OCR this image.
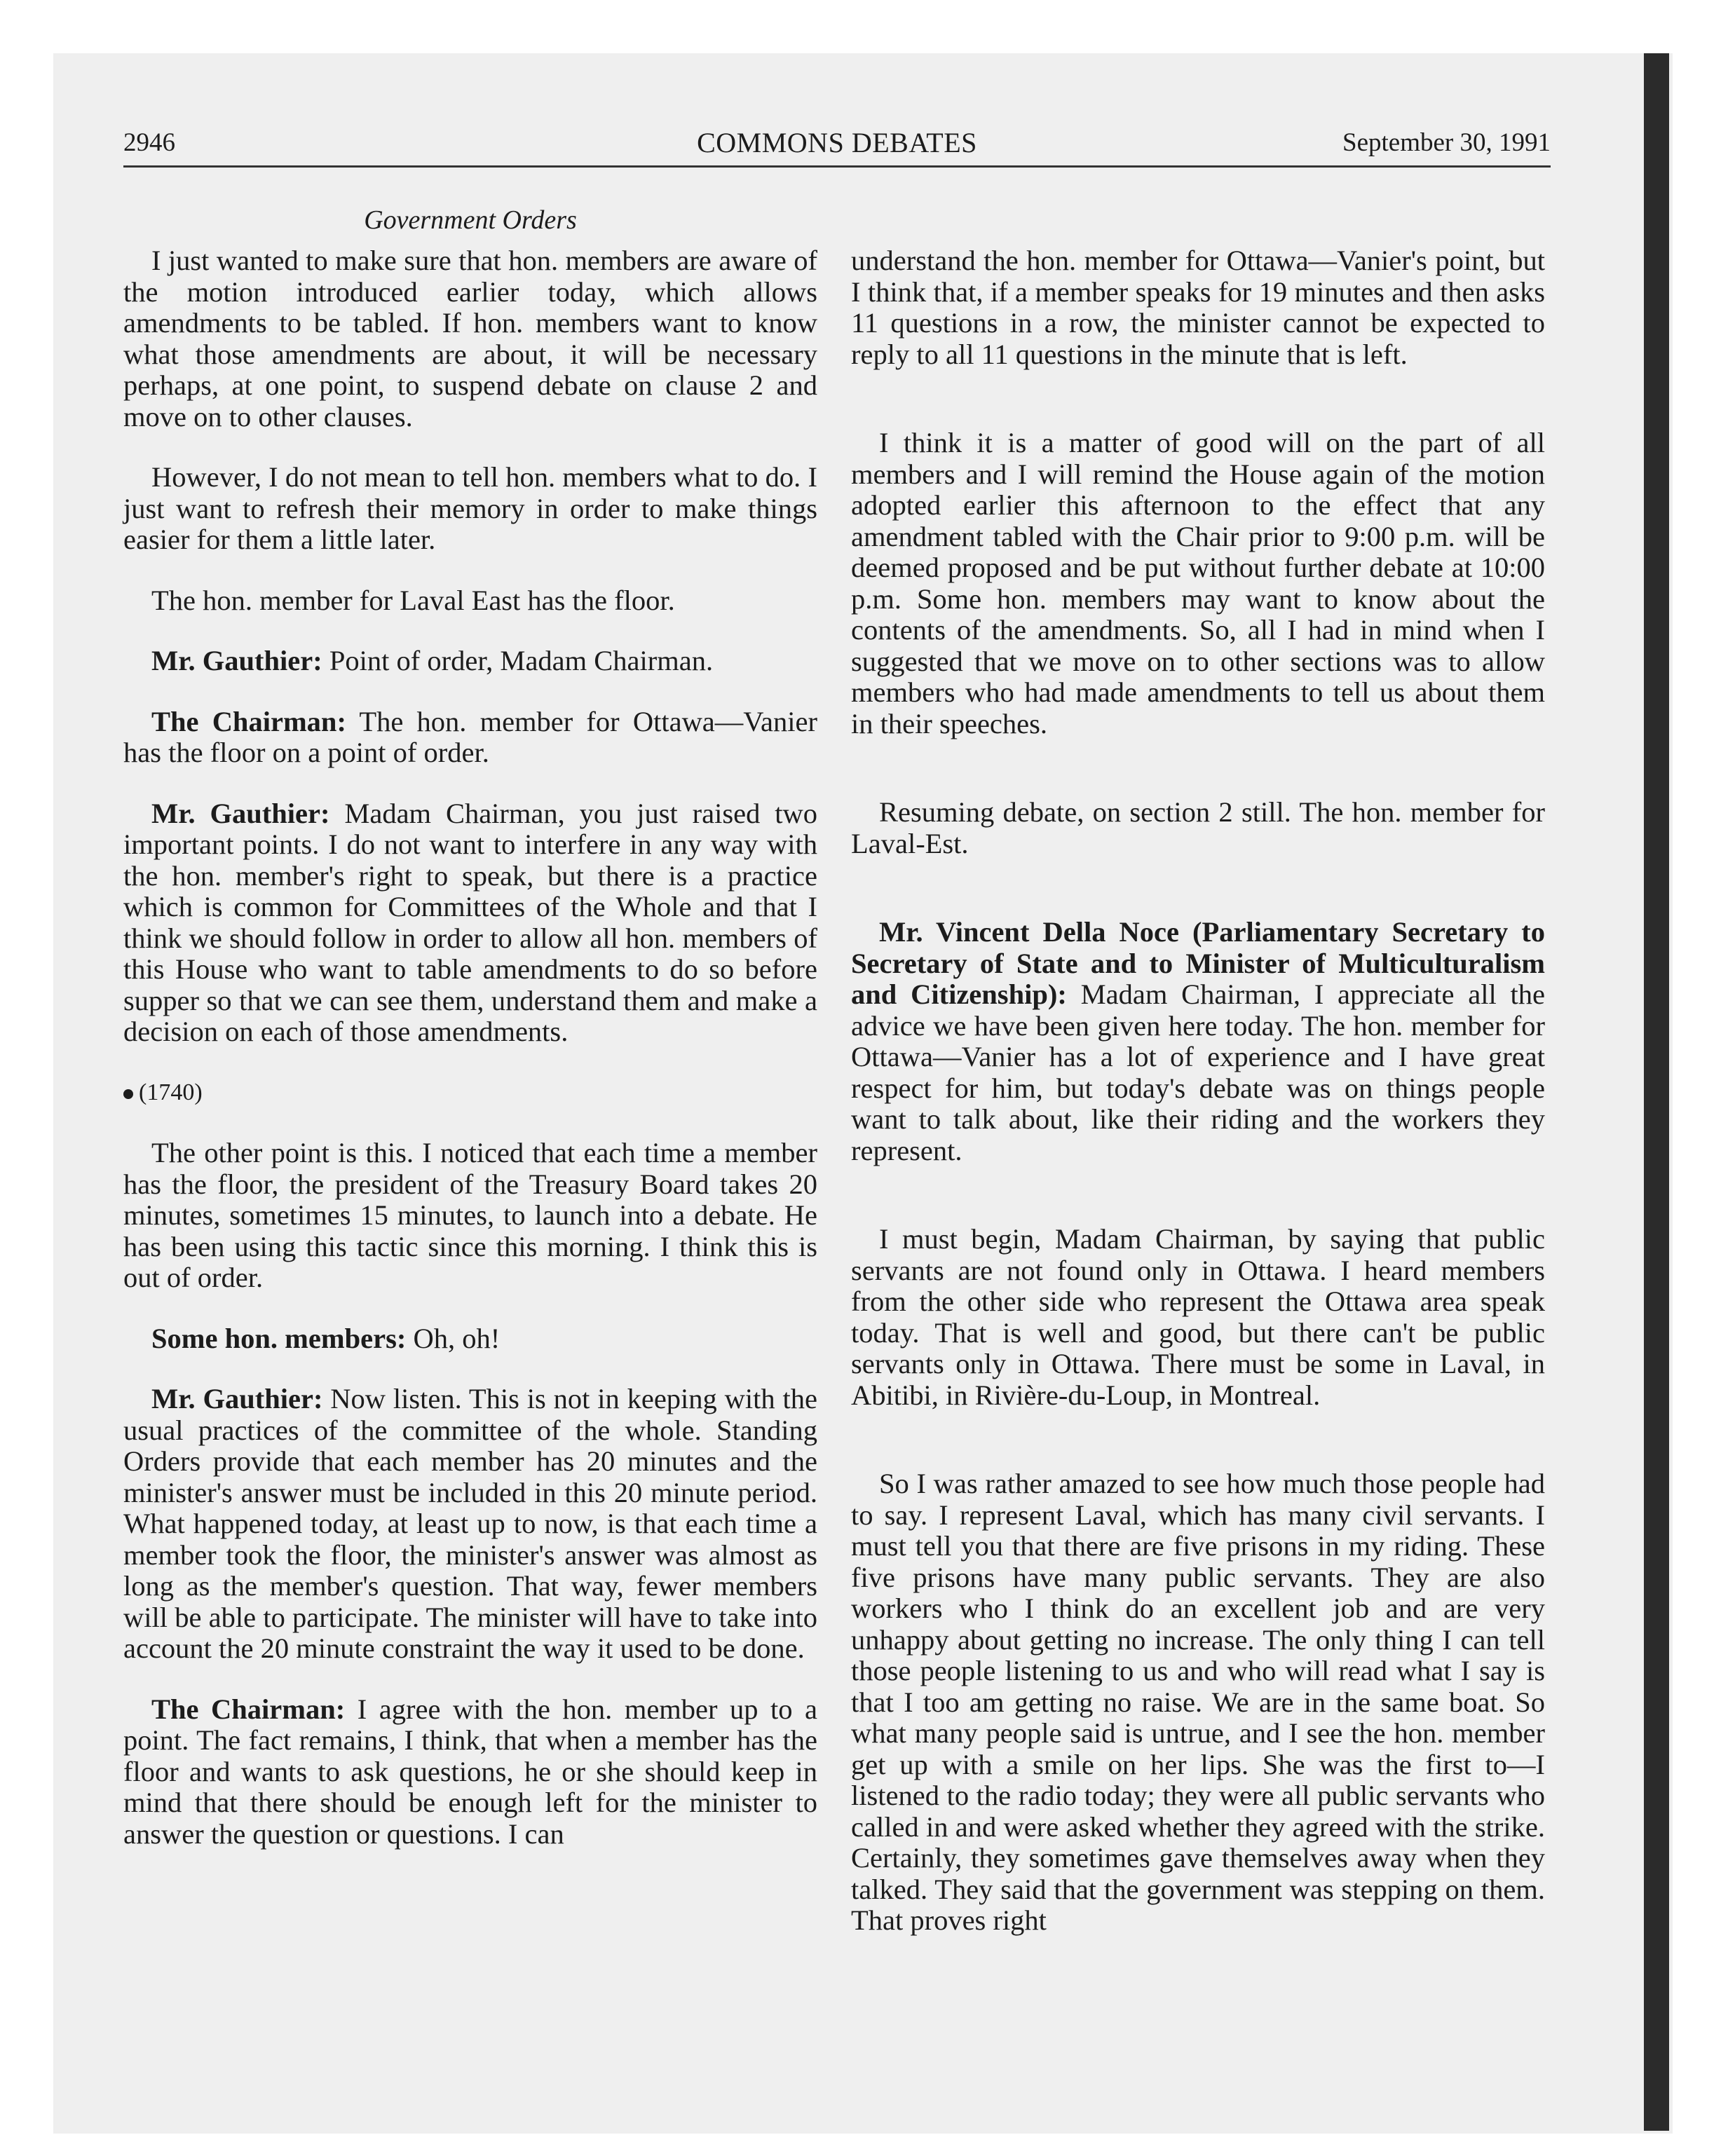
2946	COMMONS DEBATES	September 30, 1991
Government Orders

I just wanted to make sure that hon. members are aware of the motion introduced earlier today, which allows amendments to be tabled. If hon. members want to know what those amendments are about, it will be necessary perhaps, at one point, to suspend debate on clause 2 and move on to other clauses.

However, I do not mean to tell hon. members what to do. I just want to refresh their memory in order to make things easier for them a little later.

The hon. member for Laval East has the floor.

Mr. Gauthier: Point of order, Madam Chairman.

The Chairman: The hon. member for Ottawa—Vanier has the floor on a point of order.

Mr. Gauthier: Madam Chairman, you just raised two important points. I do not want to interfere in any way with the hon. member's right to speak, but there is a practice which is common for Committees of the Whole and that I think we should follow in order to allow all hon. members of this House who want to table amendments to do so before supper so that we can see them, understand them and make a decision on each of those amendments.

(1740)

The other point is this. I noticed that each time a member has the floor, the president of the Treasury Board takes 20 minutes, sometimes 15 minutes, to launch into a debate. He has been using this tactic since this morning. I think this is out of order.

Some hon. members: Oh, oh!

Mr. Gauthier: Now listen. This is not in keeping with the usual practices of the committee of the whole. Standing Orders provide that each member has 20 minutes and the minister's answer must be included in this 20 minute period. What happened today, at least up to now, is that each time a member took the floor, the minister's answer was almost as long as the member's question. That way, fewer members will be able to participate. The minister will have to take into account the 20 minute constraint the way it used to be done.

The Chairman: I agree with the hon. member up to a point. The fact remains, I think, that when a member has the floor and wants to ask questions, he or she should keep in mind that there should be enough left for the minister to answer the question or questions. I can

understand the hon. member for Ottawa—Vanier's point, but I think that, if a member speaks for 19 minutes and then asks 11 questions in a row, the minister cannot be expected to reply to all 11 questions in the minute that is left.

I think it is a matter of good will on the part of all members and I will remind the House again of the motion adopted earlier this afternoon to the effect that any amendment tabled with the Chair prior to 9:00 p.m. will be deemed proposed and be put without further debate at 10:00 p.m. Some hon. members may want to know about the contents of the amendments. So, all I had in mind when I suggested that we move on to other sections was to allow members who had made amendments to tell us about them in their speeches.

Resuming debate, on section 2 still. The hon. member for Laval-Est.

Mr. Vincent Della Noce (Parliamentary Secretary to Secretary of State and to Minister of Multiculturalism and Citizenship): Madam Chairman, I appreciate all the advice we have been given here today. The hon. member for Ottawa—Vanier has a lot of experience and I have great respect for him, but today's debate was on things people want to talk about, like their riding and the workers they represent.

I must begin, Madam Chairman, by saying that public servants are not found only in Ottawa. I heard members from the other side who represent the Ottawa area speak today. That is well and good, but there can't be public servants only in Ottawa. There must be some in Laval, in Abitibi, in Rivière-du-Loup, in Montreal.

So I was rather amazed to see how much those people had to say. I represent Laval, which has many civil servants. I must tell you that there are five prisons in my riding. These five prisons have many public servants. They are also workers who I think do an excellent job and are very unhappy about getting no increase. The only thing I can tell those people listening to us and who will read what I say is that I too am getting no raise. We are in the same boat. So what many people said is untrue, and I see the hon. member get up with a smile on her lips. She was the first to—I listened to the radio today; they were all public servants who called in and were asked whether they agreed with the strike. Certainly, they sometimes gave themselves away when they talked. They said that the government was stepping on them. That proves right
